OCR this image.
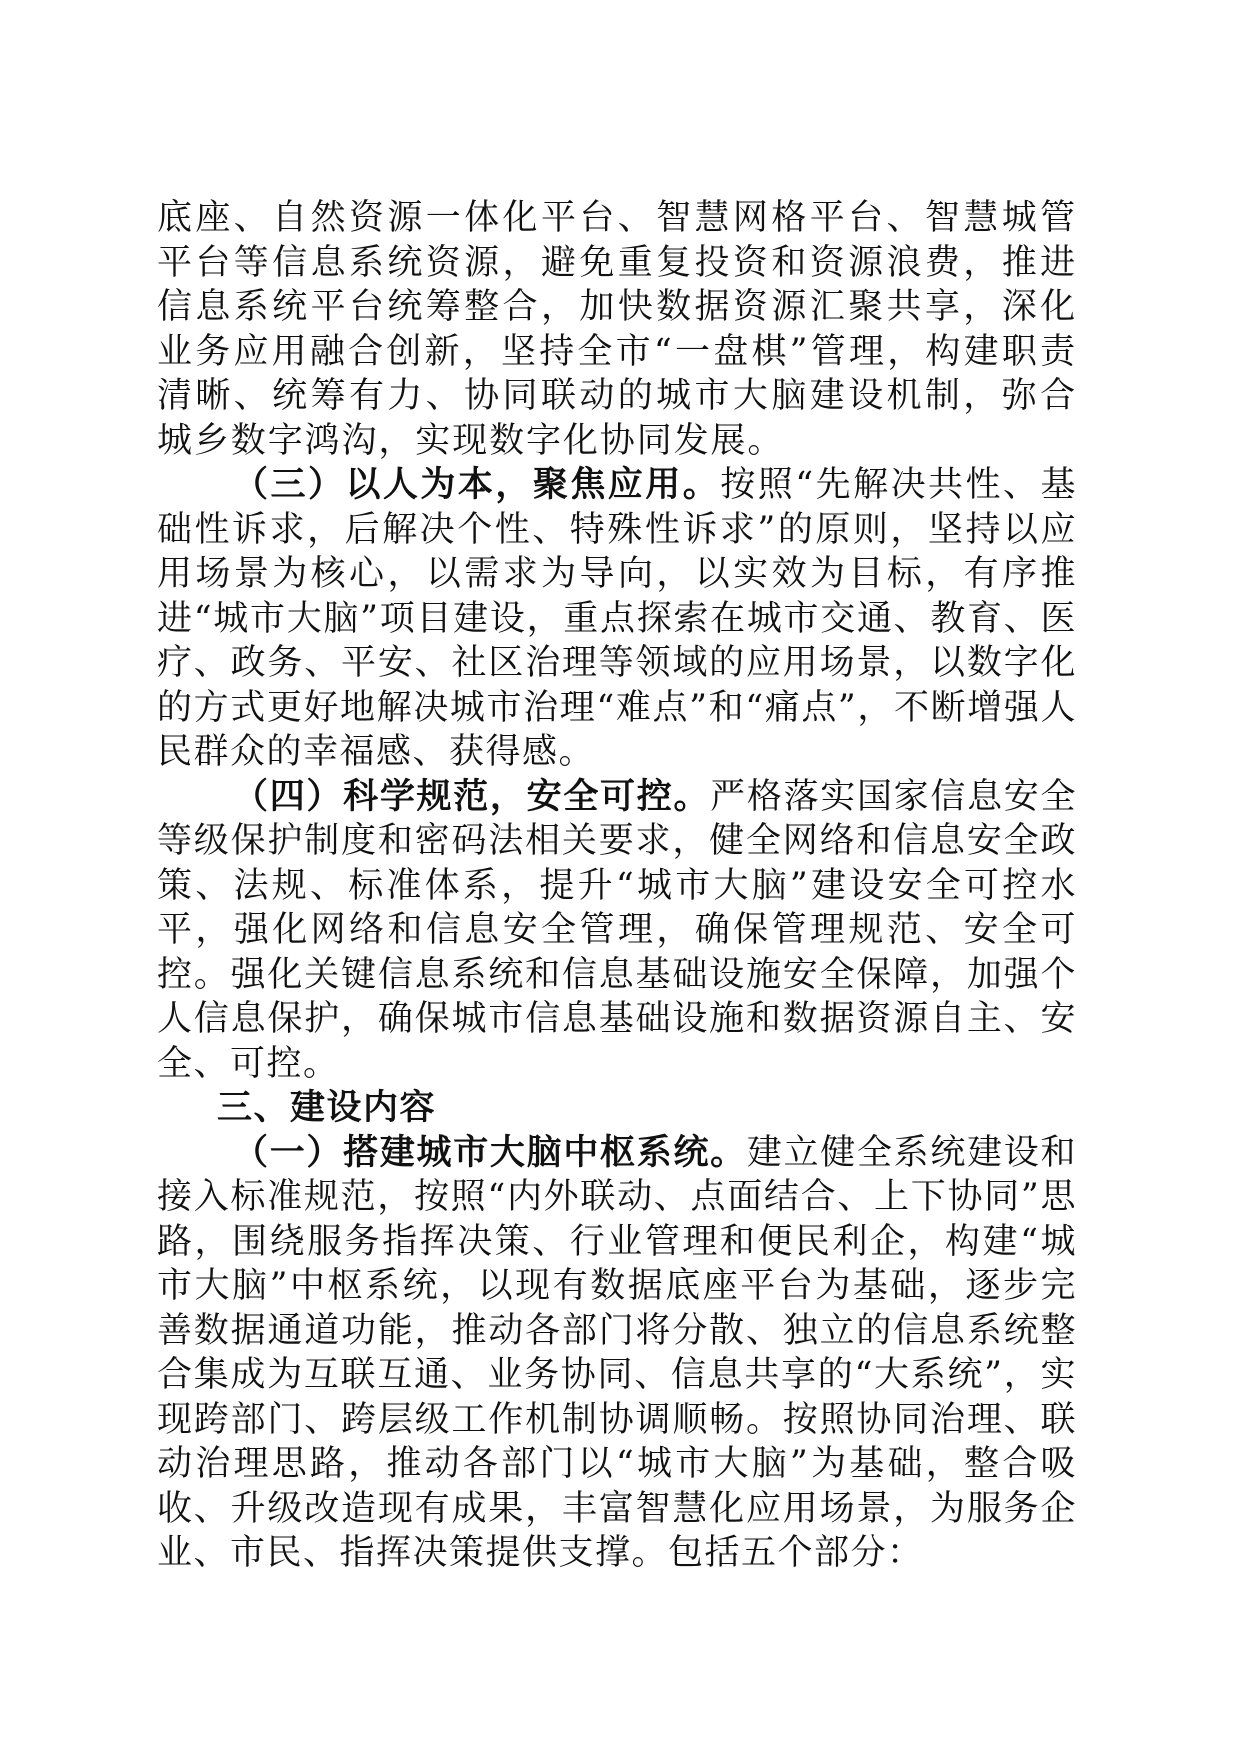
底座、自然资源一体化平台、智慧网格平台、智慧城管平台等信息系统资源，避免重复投资和资源浪费，推进信息系统平台统筹整合，加快数据资源汇聚共享，深化业务应用融合创新，坚持全市“一盘棋”管理，构建职责清晰、统筹有力、协同联动的城市大脑建设机制，弥合城乡数字鸿沟，实现数字化协同发展。

（三）以人为本，聚焦应用。按照“先解决共性、基础性诉求，后解决个性、特殊性诉求”的原则，坚持以应用场景为核心，以需求为导向，以实效为目标，有序推进“城市大脑”项目建设，重点探索在城市交通、教育、医疗、政务、平安、社区治理等领域的应用场景，以数字化的方式更好地解决城市治理“难点”和“痛点”，不断增强人民群众的幸福感、获得感。

（四）科学规范，安全可控。严格落实国家信息安全等级保护制度和密码法相关要求，健全网络和信息安全政策、法规、标准体系，提升“城市大脑”建设安全可控水平，强化网络和信息安全管理，确保管理规范、安全可控。强化关键信息系统和信息基础设施安全保障，加强个人信息保护，确保城市信息基础设施和数据资源自主、安全、可控。

三、建设内容

（一）搭建城市大脑中枢系统。建立健全系统建设和接入标准规范，按照“内外联动、点面结合、上下协同”思路，围绕服务指挥决策、行业管理和便民利企，构建“城市大脑”中枢系统，以现有数据底座平台为基础，逐步完善数据通道功能，推动各部门将分散、独立的信息系统整合集成为互联互通、业务协同、信息共享的“大系统”，实现跨部门、跨层级工作机制协调顺畅。按照协同治理、联动治理思路，推动各部门以“城市大脑”为基础，整合吸收、升级改造现有成果，丰富智慧化应用场景，为服务企业、市民、指挥决策提供支撑。包括五个部分：
